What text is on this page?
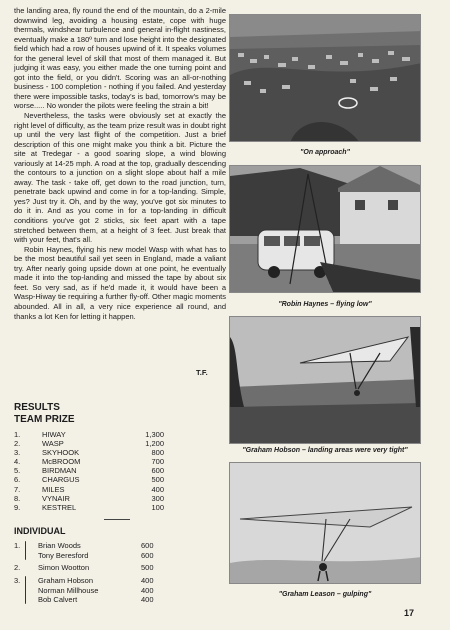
the landing area, fly round the end of the mountain, do a 2-mile downwind leg, avoiding a housing estate, cope with huge thermals, windshear turbulence and general in-flight nastiness, eventually make a 180º turn and lose height into the designated field which had a row of houses upwind of it. It speaks volumes for the general level of skill that most of them managed it. But judging it was easy, you either made the one turning point and got into the field, or you didn't. Scoring was an all-or-nothing business - 100 completion - nothing if you failed. And yesterday there were impossible tasks, today's is bad, tomorrow's may be worse..... No wonder the pilots were feeling the strain a bit!

Nevertheless, the tasks were obviously set at exactly the right level of difficulty, as the team prize result was in doubt right up until the very last flight of the competition. Just a brief description of this one might make you think a bit. Picture the site at Tredegar - a good soaring slope, a wind blowing variously at 14-25 mph. A road at the top, gradually descending the contours to a junction on a slight slope about half a mile away. The task - take off, get down to the road junction, turn, penetrate back upwind and come in for a top-landing. Simple, yes? Just try it. Oh, and by the way, you've got six minutes to do it in. And as you come in for a top-landing in difficult conditions you've got 2 sticks, six feet apart with a tape stretched between them, at a height of 3 feet. Just break that with your feet, that's all.

Robin Haynes, flying his new model Wasp with what has to be the most beautiful sail yet seen in England, made a valiant try. After nearly going upside down at one point, he eventually made it into the top-landing and missed the tape by about six feet. So very sad, as if he'd made it, it would have been a Wasp-Hiway tie requiring a further fly-off. Other magic moments abounded. All in all, a very nice experience all round, and thanks a lot Ken for letting it happen.

T.F.
RESULTS
TEAM PRIZE
1.	HIWAY	1,300
2.	WASP	1,200
3.	SKYHOOK	800
4.	McBROOM	700
5.	BIRDMAN	600
6.	CHARGUS	500
7.	MILES	400
8.	VYNAIR	300
9.	KESTREL	100
INDIVIDUAL
1. Brian Woods	600
Tony Beresford	600
2. Simon Wootton	500
3. Graham Hobson	400
Norman Millhouse	400
Bob Calvert	400
"On approach"
"Robin Haynes – flying low"
"Graham Hobson – landing areas were very tight"
"Graham Leason – gulping"
17
